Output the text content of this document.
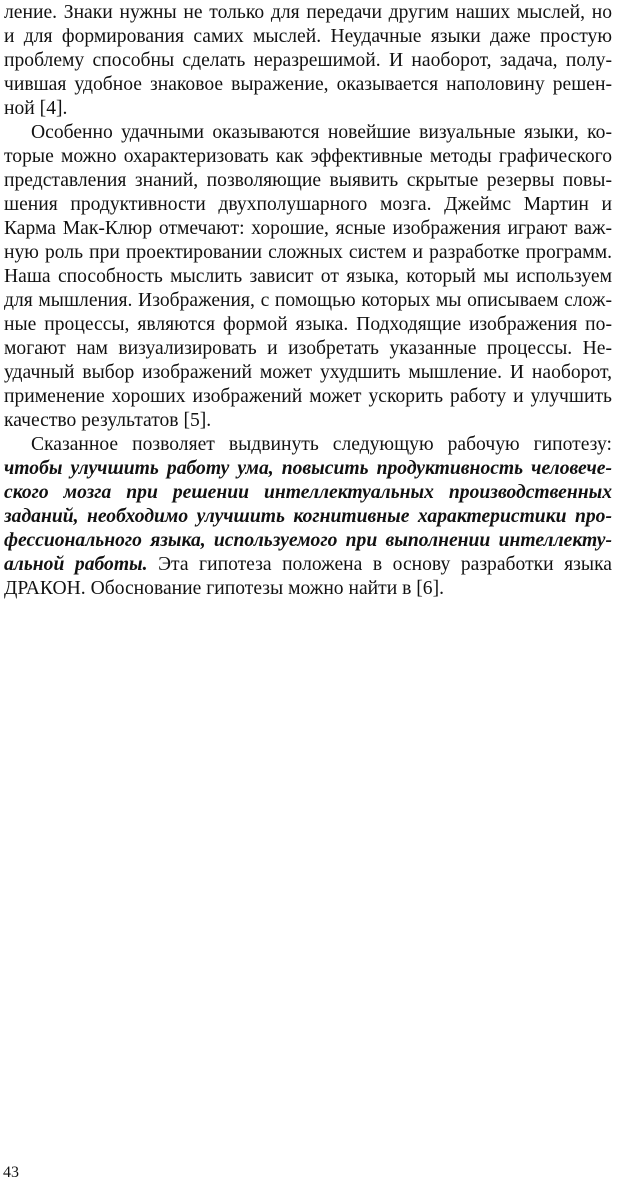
ление. Знаки нужны не только для передачи другим наших мыслей, но
и для формирования самих мыслей. Неудачные языки даже простую
проблему способны сделать неразрешимой. И наоборот, задача, полу-
чившая удобное знаковое выражение, оказывается наполовину решен-
ной [4].
Особенно удачными оказываются новейшие визуальные языки, ко-
торые можно охарактеризовать как эффективные методы графического
представления знаний, позволяющие выявить скрытые резервы повы-
шения продуктивности двухполушарного мозга. Джеймс Мартин и
Карма Мак-Клюр отмечают: хорошие, ясные изображения играют важ-
ную роль при проектировании сложных систем и разработке программ.
Наша способность мыслить зависит от языка, который мы используем
для мышления. Изображения, с помощью которых мы описываем слож-
ные процессы, являются формой языка. Подходящие изображения по-
могают нам визуализировать и изобретать указанные процессы. Не-
удачный выбор изображений может ухудшить мышление. И наоборот,
применение хороших изображений может ускорить работу и улучшить
качество результатов [5].
Сказанное позволяет выдвинуть следующую рабочую гипотезу:
чтобы улучшить работу ума, повысить продуктивность человече-
ского мозга при решении интеллектуальных производственных
заданий, необходимо улучшить когнитивные характеристики про-
фессионального языка, используемого при выполнении интеллекту-
альной работы. Эта гипотеза положена в основу разработки языка
ДРАКОН. Обоснование гипотезы можно найти в [6].
43
